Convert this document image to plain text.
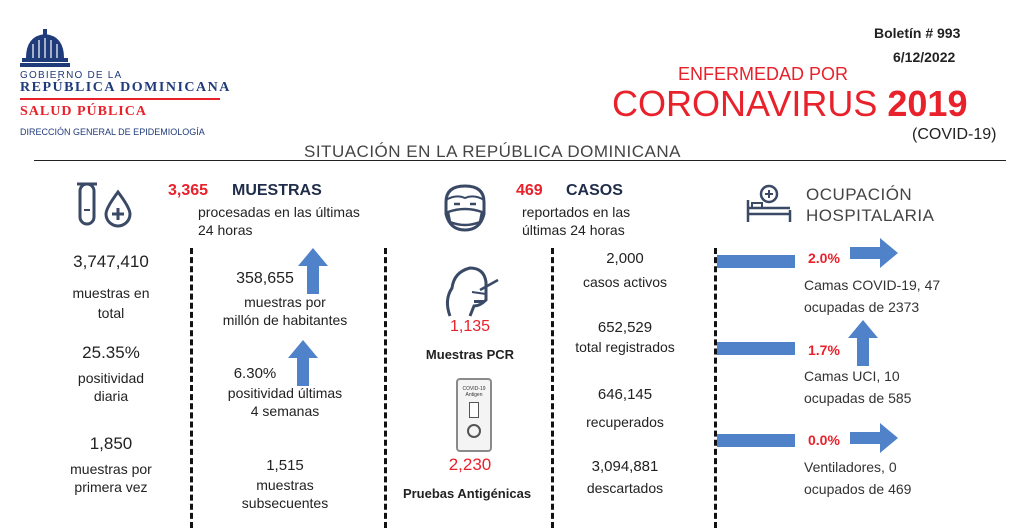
GOBIERNO DE LA
REPÚBLICA DOMINICANA
SALUD PÚBLICA
DIRECCIÓN GENERAL DE EPIDEMIOLOGÍA
Boletín # 993
6/12/2022
ENFERMEDAD POR
CORONAVIRUS 2019
(COVID-19)
SITUACIÓN EN LA REPÚBLICA DOMINICANA
3,365 MUESTRAS
procesadas en las últimas
24 horas
3,747,410
muestras en
total
25.35%
positividad
diaria
1,850
muestras por
primera vez
358,655
muestras por
millón de habitantes
6.30%
positividad últimas
4 semanas
1,515
muestras
subsecuentes
1,135
Muestras PCR
COVID-19
Antigen
2,230
Pruebas Antigénicas
469 CASOS
reportados en las
últimas 24 horas
2,000
casos activos
652,529
total registrados
646,145
recuperados
3,094,881
descartados
OCUPACIÓN
HOSPITALARIA
2.0%
Camas COVID-19, 47
ocupadas de 2373
1.7%
Camas UCI, 10
ocupadas de 585
0.0%
Ventiladores, 0
ocupados de 469
